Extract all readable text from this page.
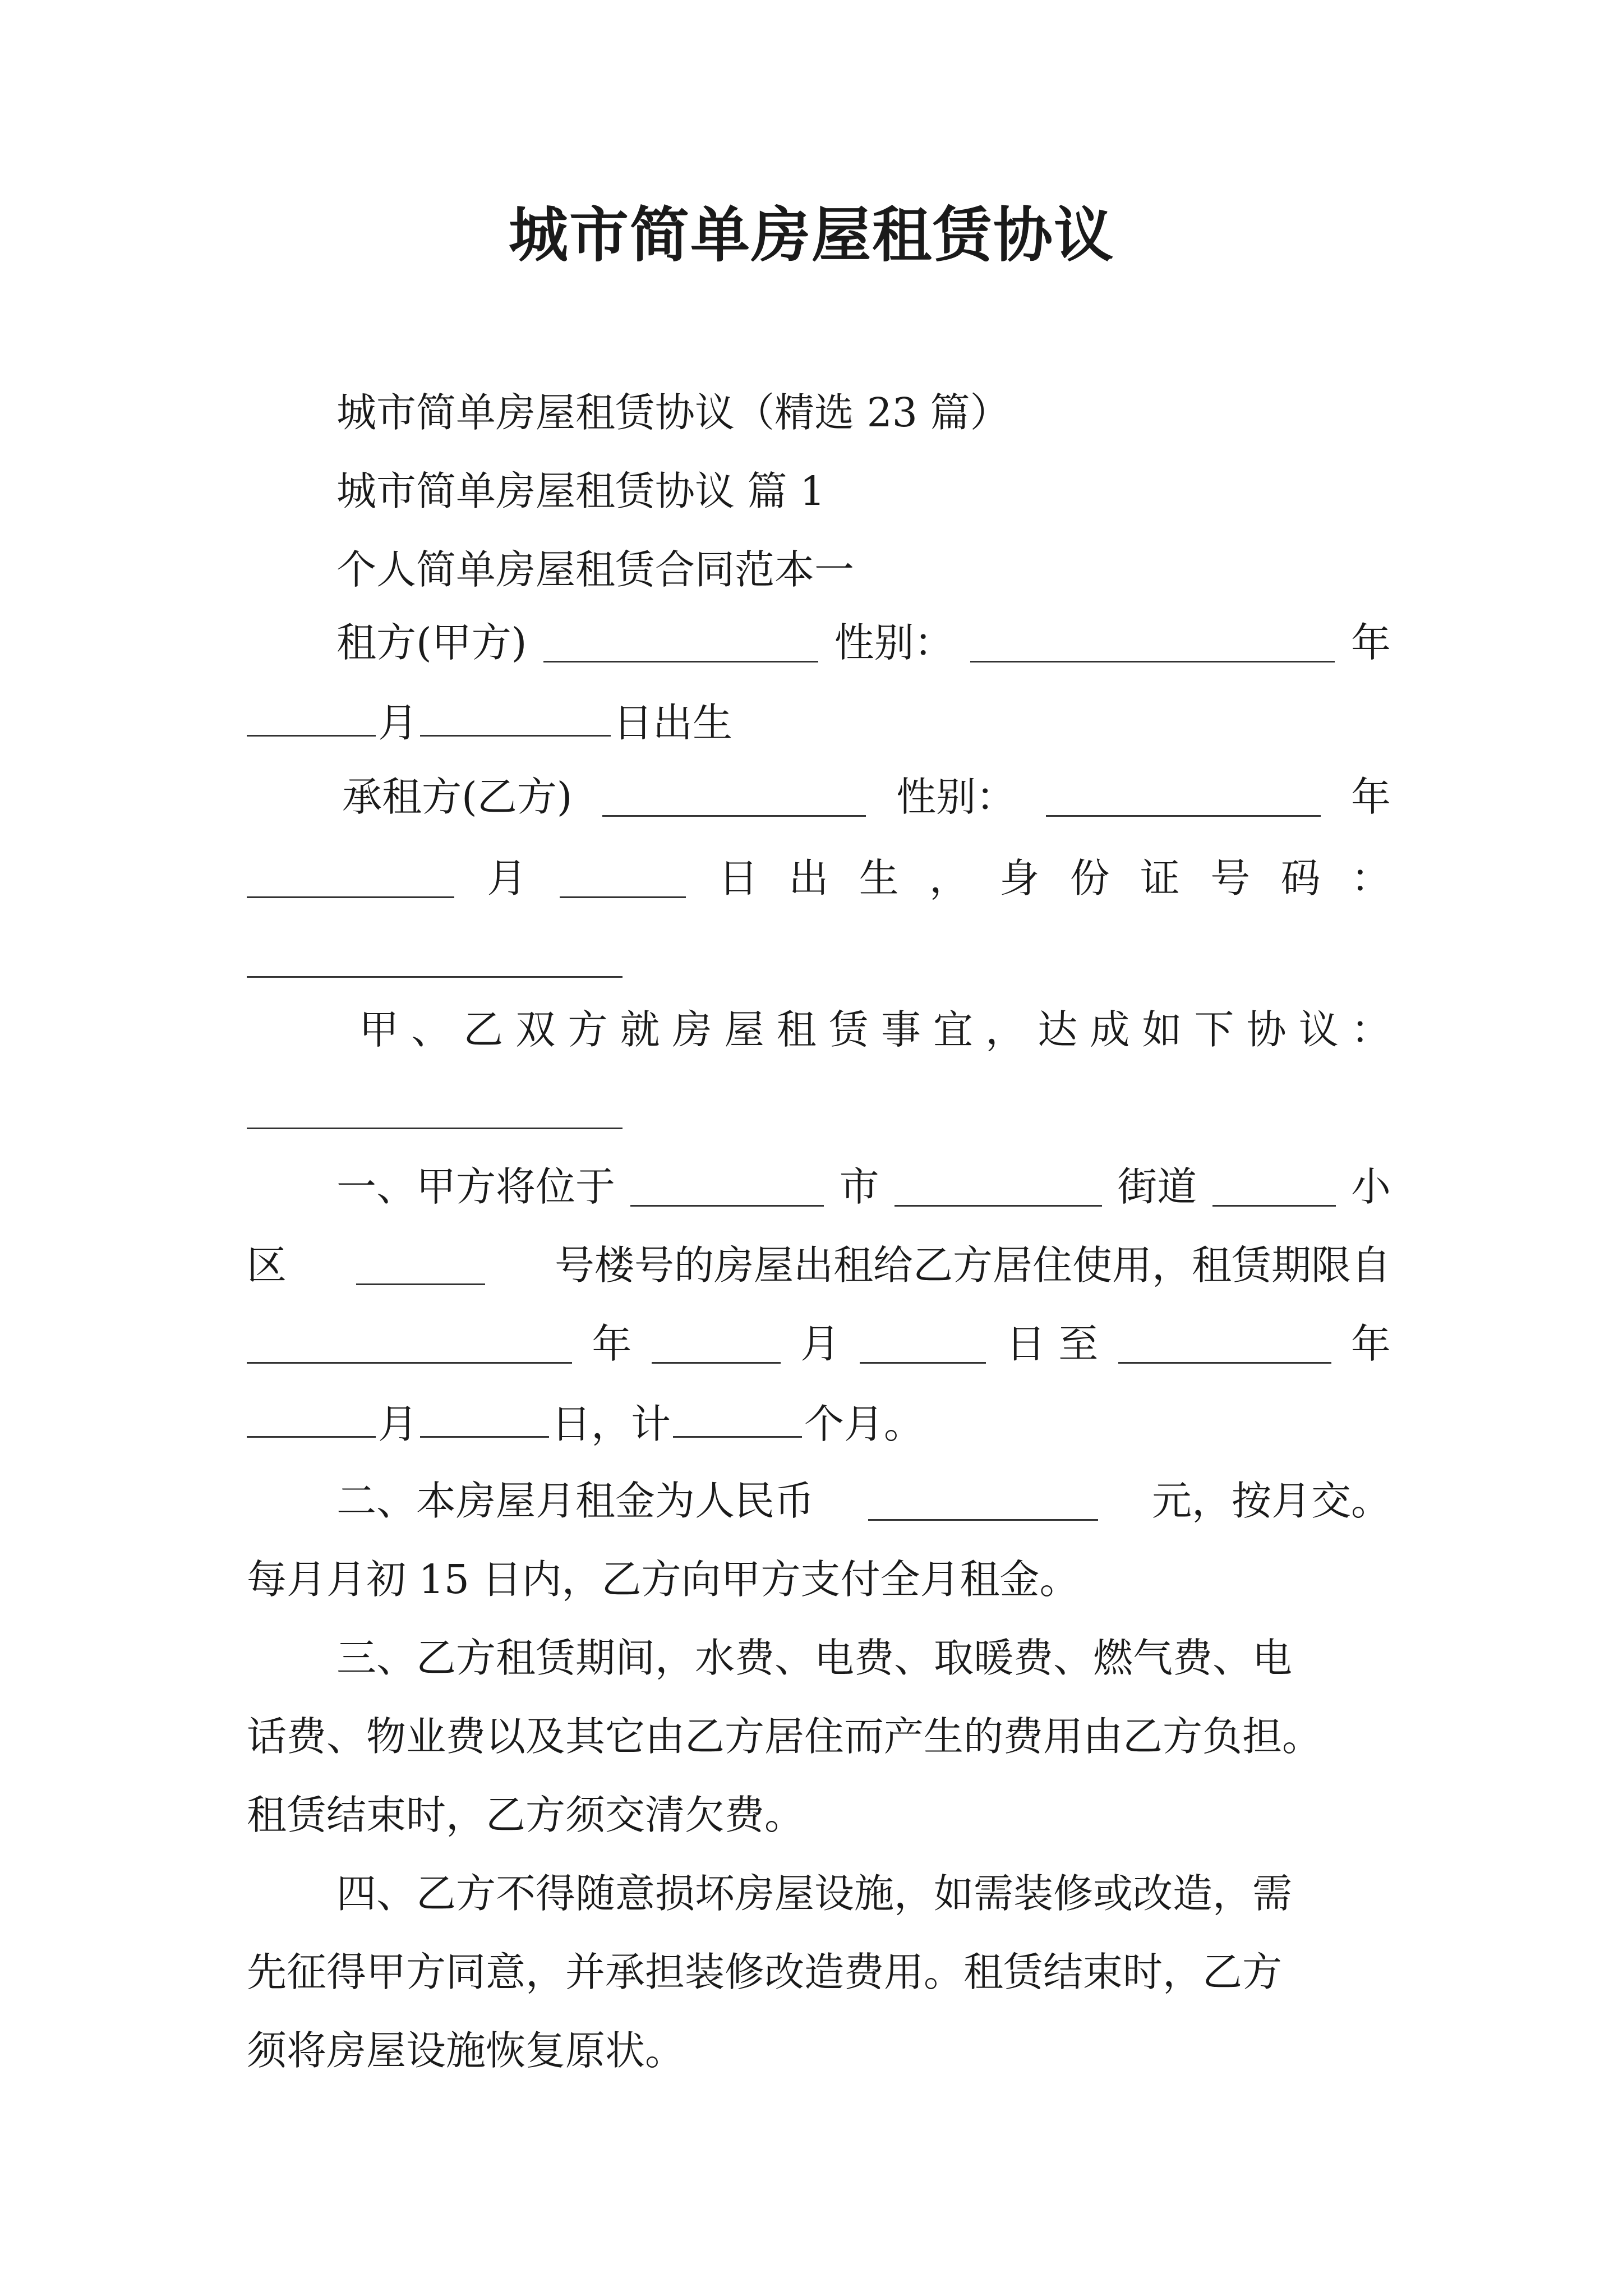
城市简单房屋租赁协议
城市简单房屋租赁协议（精选 23 篇）
城市简单房屋租赁协议 篇 1
个人简单房屋租赁合同范本一
租方(甲方)	性别：	年
月	日出生
承租方(乙方)	性别：	年
月	日 出 生 ， 身 份 证 号 码 ：
甲 、 乙 双 方 就 房 屋 租 赁 事 宜 ， 达 成 如 下 协 议 ：
一、甲方将位于	市	街道	小
区	号楼号的房屋出租给乙方居住使用，租赁期限自
年	月	日 至	年
月	日，计	个月。
二、本房屋月租金为人民币	元，按月交。
每月月初 15 日内，乙方向甲方支付全月租金。
三、乙方租赁期间，水费、电费、取暖费、燃气费、电
话费、物业费以及其它由乙方居住而产生的费用由乙方负担。
租赁结束时，乙方须交清欠费。
四、乙方不得随意损坏房屋设施，如需装修或改造，需
先征得甲方同意，并承担装修改造费用。租赁结束时，乙方
须将房屋设施恢复原状。
